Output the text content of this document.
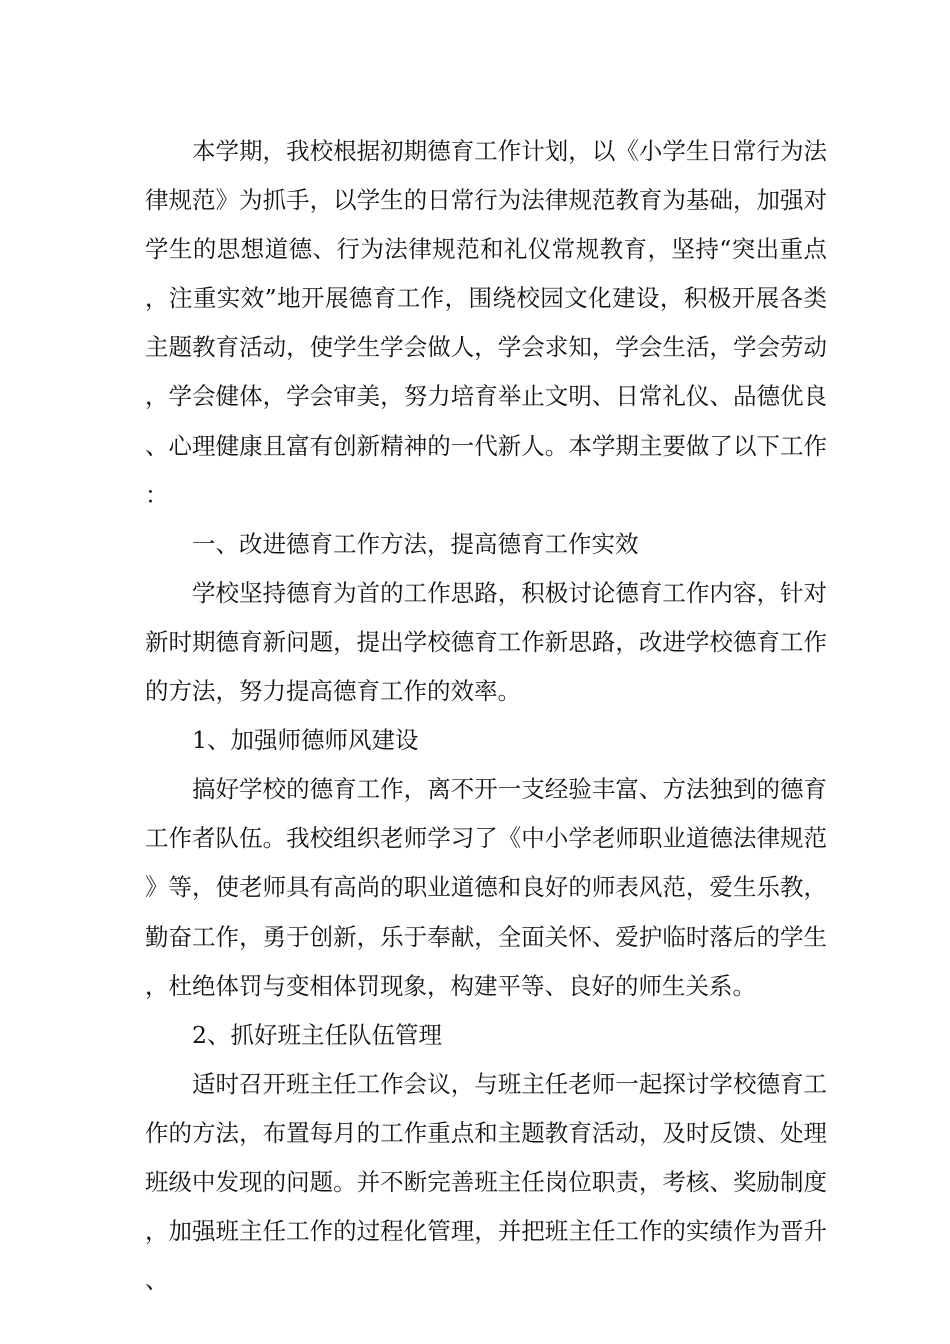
本学期，我校根据初期德育工作计划，以《小学生日常行为法律规范》为抓手，以学生的日常行为法律规范教育为基础，加强对学生的思想道德、行为法律规范和礼仪常规教育，坚持“突出重点，注重实效”地开展德育工作，围绕校园文化建设，积极开展各类主题教育活动，使学生学会做人，学会求知，学会生活，学会劳动，学会健体，学会审美，努力培育举止文明、日常礼仪、品德优良、心理健康且富有创新精神的一代新人。本学期主要做了以下工作：

一、改进德育工作方法，提高德育工作实效

学校坚持德育为首的工作思路，积极讨论德育工作内容，针对新时期德育新问题，提出学校德育工作新思路，改进学校德育工作的方法，努力提高德育工作的效率。

1、加强师德师风建设

搞好学校的德育工作，离不开一支经验丰富、方法独到的德育工作者队伍。我校组织老师学习了《中小学老师职业道德法律规范》等，使老师具有高尚的职业道德和良好的师表风范，爱生乐教，勤奋工作，勇于创新，乐于奉献，全面关怀、爱护临时落后的学生，杜绝体罚与变相体罚现象，构建平等、良好的师生关系。

2、抓好班主任队伍管理

适时召开班主任工作会议，与班主任老师一起探讨学校德育工作的方法，布置每月的工作重点和主题教育活动，及时反馈、处理班级中发现的问题。并不断完善班主任岗位职责，考核、奖励制度，加强班主任工作的过程化管理，并把班主任工作的实绩作为晋升、
